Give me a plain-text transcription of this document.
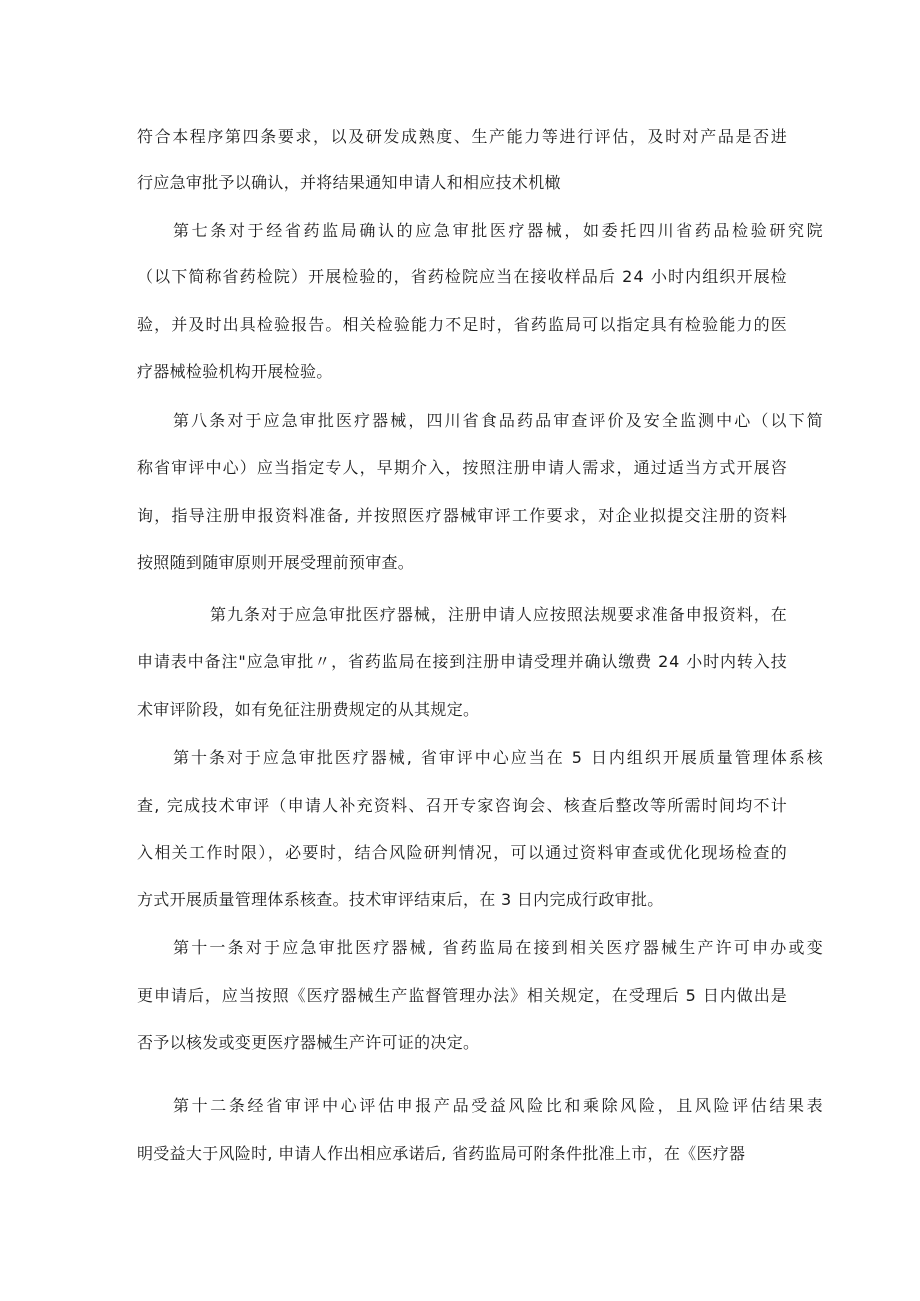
符合本程序第四条要求，以及研发成熟度、生产能力等进行评估，及时对产品是否进
行应急审批予以确认，并将结果通知申请人和相应技术机橄
第七条对于经省药监局确认的应急审批医疗器械，如委托四川省药品检验研究院
（以下简称省药检院）开展检验的，省药检院应当在接收样品后 24 小时内组织开展检
验，并及时出具检验报告。相关检验能力不足时，省药监局可以指定具有检验能力的医
疗器械检验机构开展检验。
第八条对于应急审批医疗器械，四川省食品药品审查评价及安全监测中心（以下简
称省审评中心）应当指定专人，早期介入，按照注册申请人需求，通过适当方式开展咨
询，指导注册申报资料准备, 并按照医疗器械审评工作要求，对企业拟提交注册的资料
按照随到随审原则开展受理前预审查。
第九条对于应急审批医疗器械，注册申请人应按照法规要求准备申报资料，在
申请表中备注"应急审批〃，省药监局在接到注册申请受理并确认缴费 24 小时内转入技
术审评阶段，如有免征注册费规定的从其规定。
第十条对于应急审批医疗器械, 省审评中心应当在 5 日内组织开展质量管理体系核
查, 完成技术审评（申请人补充资料、召开专家咨询会、核查后整改等所需时间均不计
入相关工作时限），必要时，结合风险研判情况，可以通过资料审查或优化现场检查的
方式开展质量管理体系核查。技术审评结束后，在 3 日内完成行政审批。
第十一条对于应急审批医疗器械, 省药监局在接到相关医疗器械生产许可申办或变
更申请后，应当按照《医疗器械生产监督管理办法》相关规定，在受理后 5 日内做出是
否予以核发或变更医疗器械生产许可证的决定。
第十二条经省审评中心评估申报产品受益风险比和乘除风险，且风险评估结果表
明受益大于风险时, 申请人作出相应承诺后, 省药监局可附条件批准上市，在《医疗器
